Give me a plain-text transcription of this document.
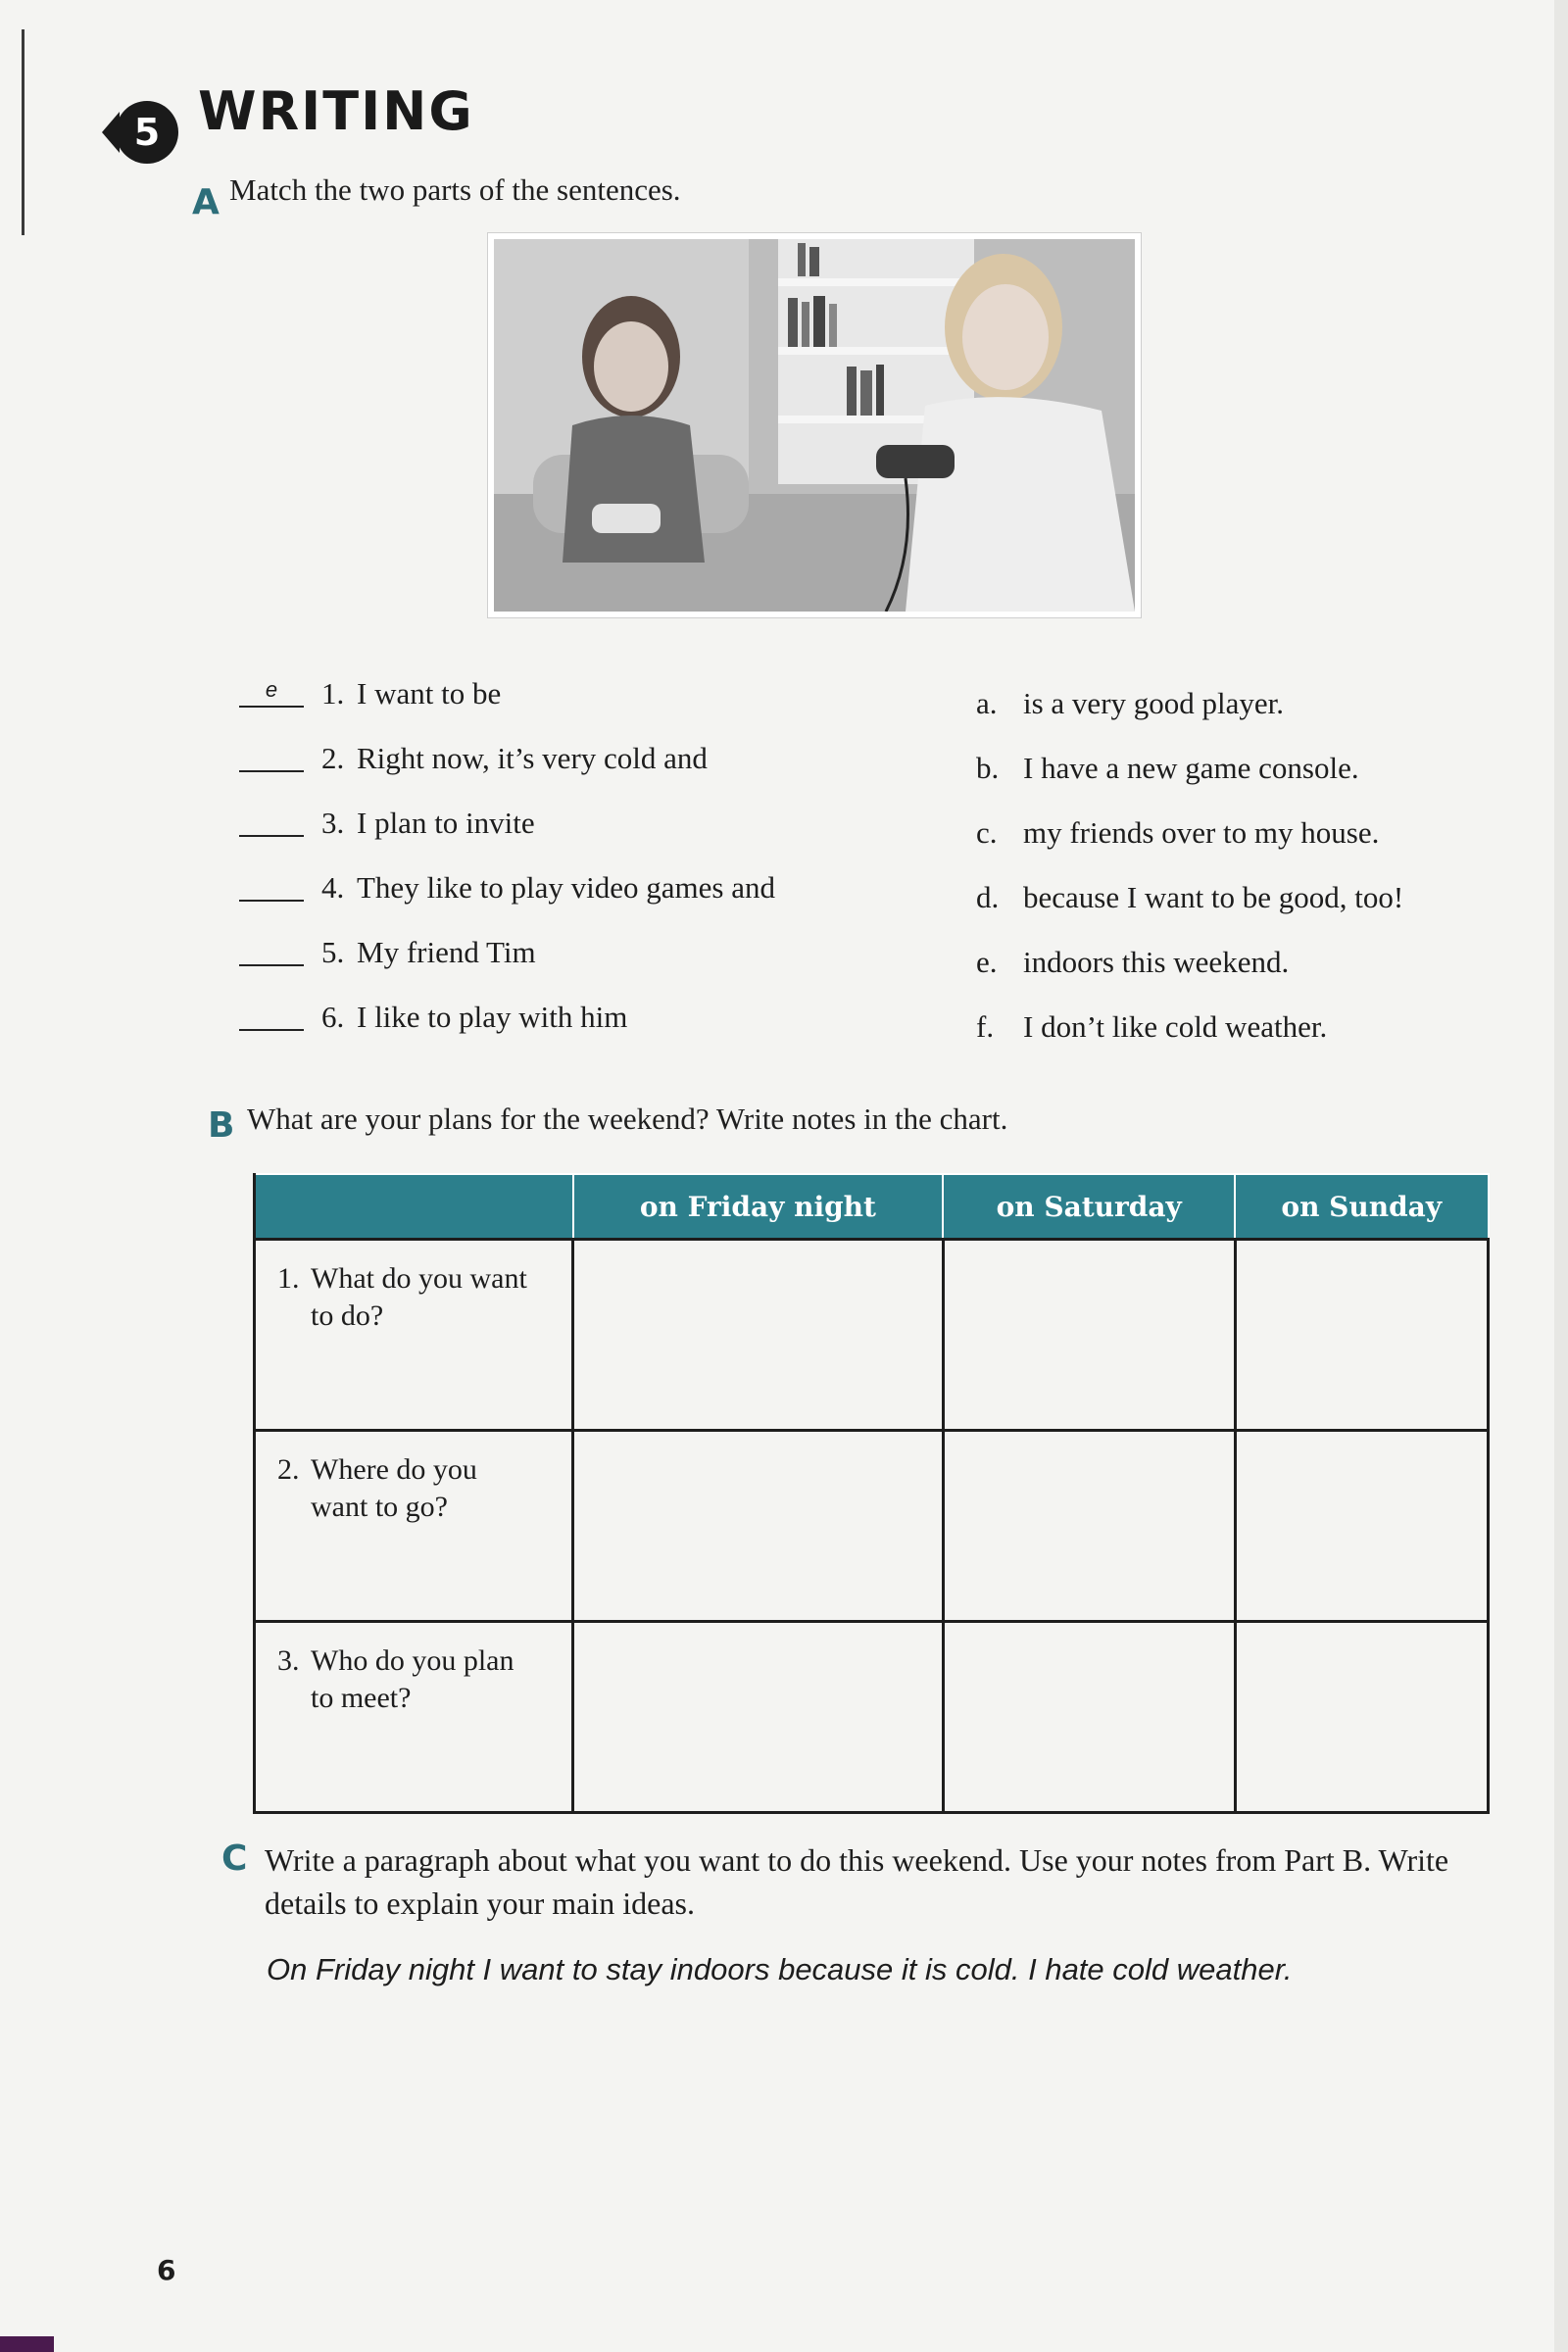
5 WRITING
A Match the two parts of the sentences.
e	1. I want to be
2. Right now, it’s very cold and
3. I plan to invite
4. They like to play video games and
5. My friend Tim
6. I like to play with him
a. is a very good player.
b. I have a new game console.
c. my friends over to my house.
d. because I want to be good, too!
e. indoors this weekend.
f. I don’t like cold weather.
B What are your plans for the weekend? Write notes in the chart.
	on Friday night	on Saturday	on Sunday
1. What do you want to do?			
2. Where do you want to go?			
3. Who do you plan to meet?			
C Write a paragraph about what you want to do this weekend. Use your notes from Part B. Write details to explain your main ideas.
On Friday night I want to stay indoors because it is cold. I hate cold weather.
6
